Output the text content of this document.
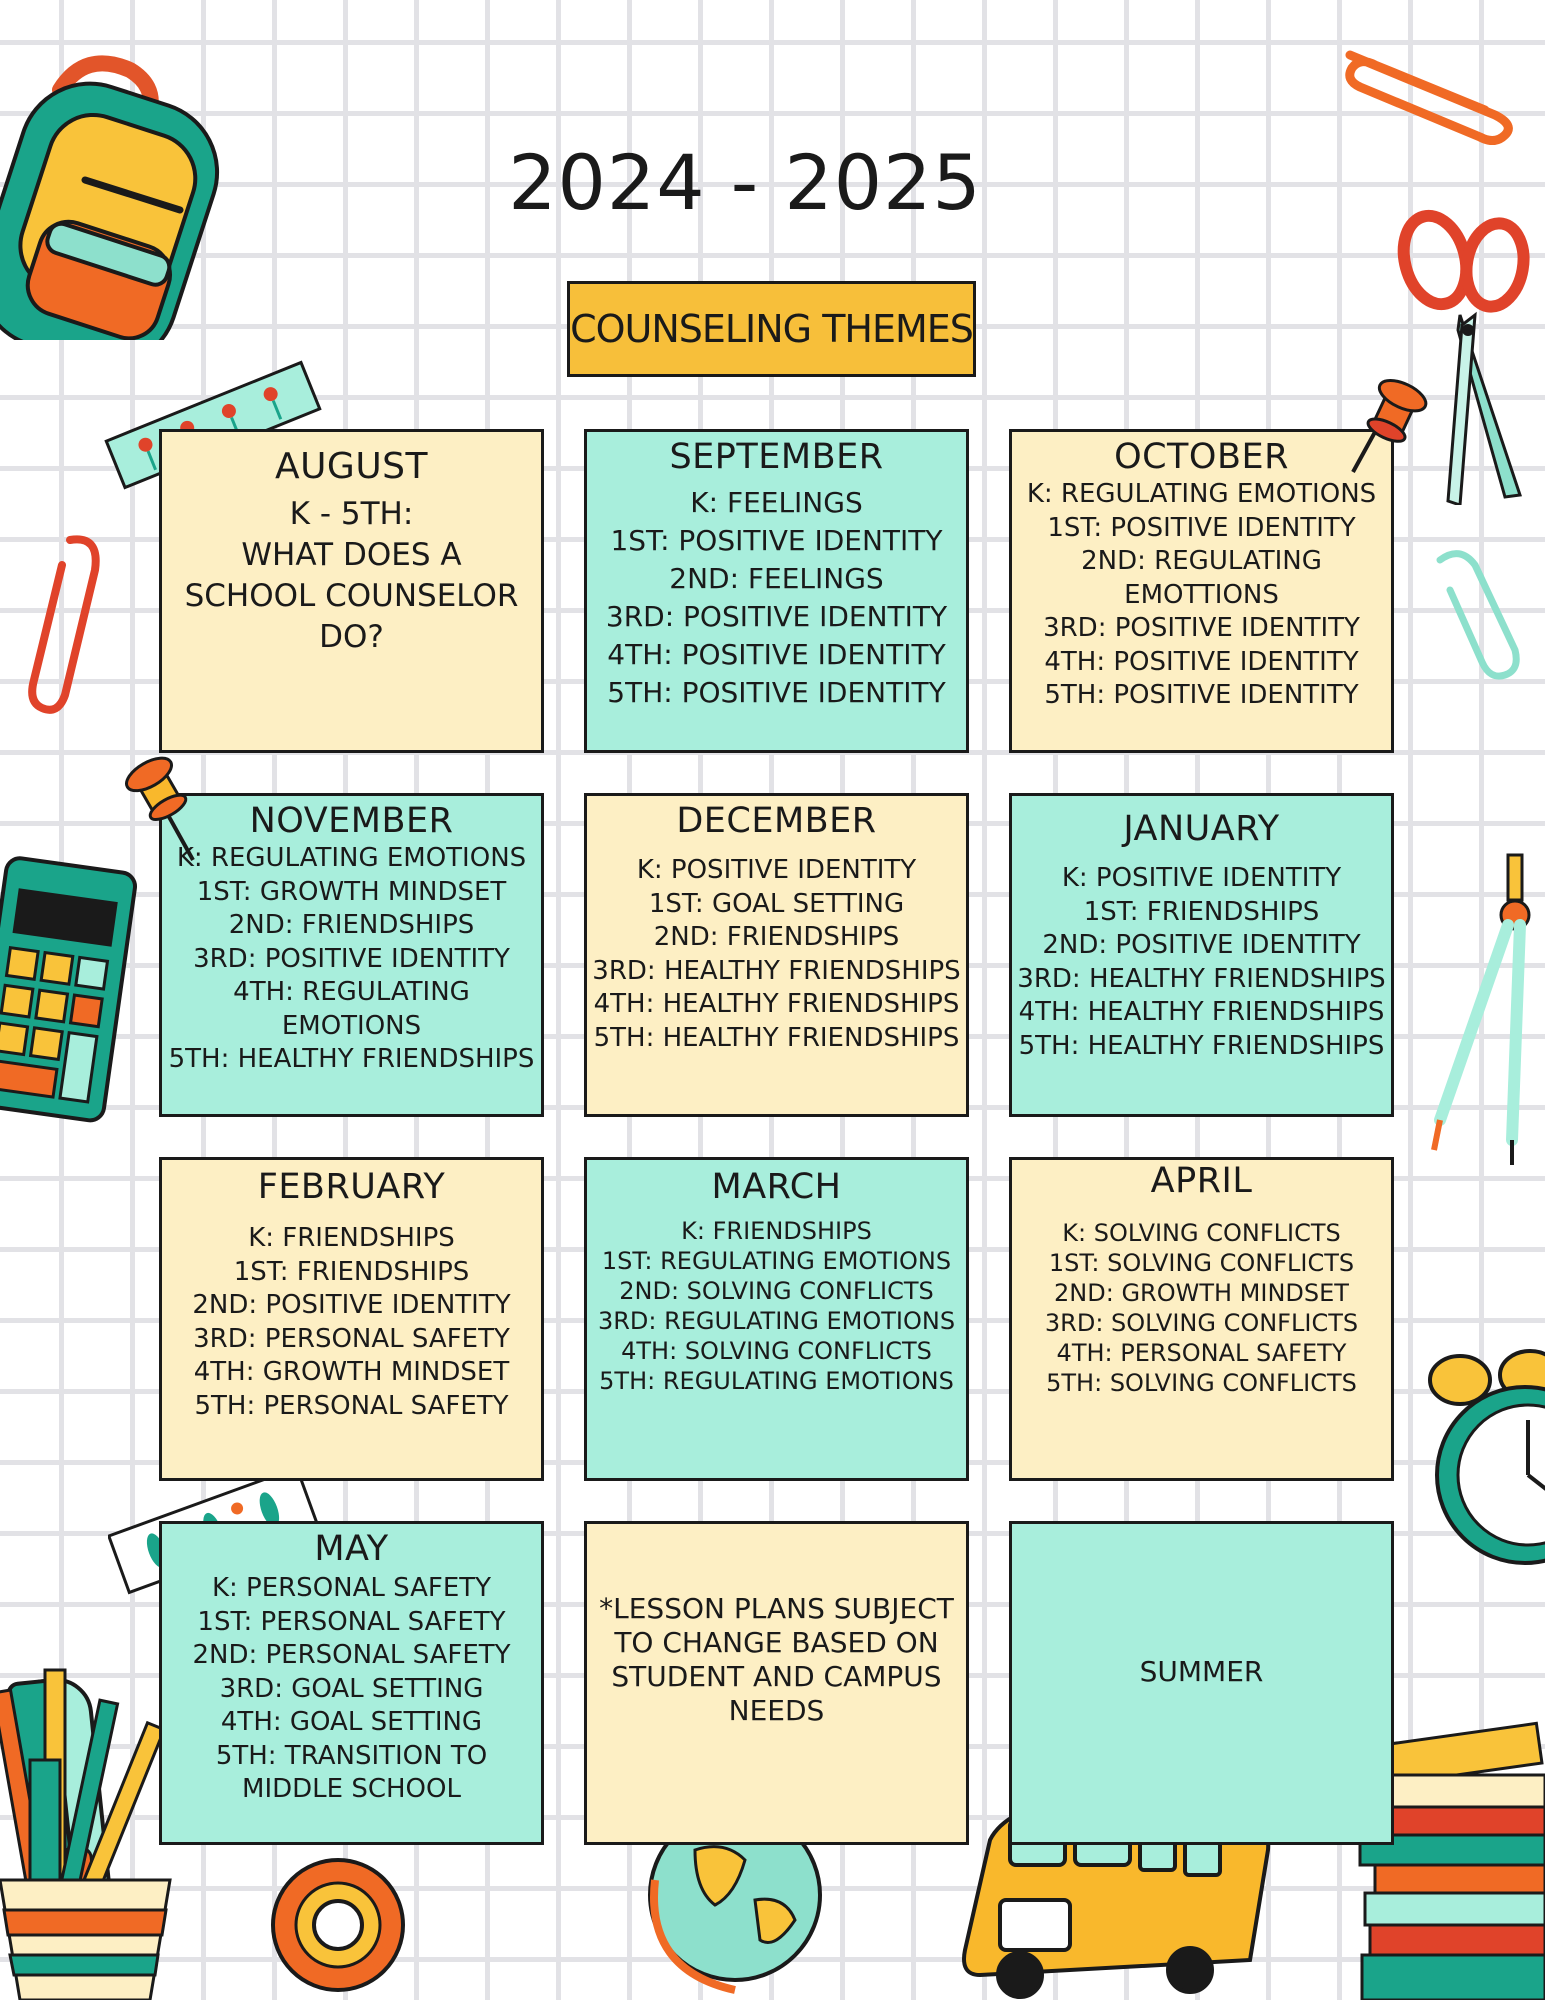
2024 - 2025
COUNSELING THEMES
AUGUST
K - 5TH:
WHAT DOES A
SCHOOL COUNSELOR
DO?
SEPTEMBER
K: FEELINGS
1ST: POSITIVE IDENTITY
2ND: FEELINGS
3RD: POSITIVE IDENTITY
4TH: POSITIVE IDENTITY
5TH: POSITIVE IDENTITY
OCTOBER
K: REGULATING EMOTIONS
1ST: POSITIVE IDENTITY
2ND: REGULATING
EMOTTIONS
3RD: POSITIVE IDENTITY
4TH: POSITIVE IDENTITY
5TH: POSITIVE IDENTITY
NOVEMBER
K: REGULATING EMOTIONS
1ST: GROWTH MINDSET
2ND: FRIENDSHIPS
3RD: POSITIVE IDENTITY
4TH: REGULATING
EMOTIONS
5TH: HEALTHY FRIENDSHIPS
DECEMBER
K: POSITIVE IDENTITY
1ST: GOAL SETTING
2ND: FRIENDSHIPS
3RD: HEALTHY FRIENDSHIPS
4TH: HEALTHY FRIENDSHIPS
5TH: HEALTHY FRIENDSHIPS
JANUARY
K: POSITIVE IDENTITY
1ST: FRIENDSHIPS
2ND: POSITIVE IDENTITY
3RD: HEALTHY FRIENDSHIPS
4TH: HEALTHY FRIENDSHIPS
5TH: HEALTHY FRIENDSHIPS
FEBRUARY
K: FRIENDSHIPS
1ST: FRIENDSHIPS
2ND: POSITIVE IDENTITY
3RD: PERSONAL SAFETY
4TH: GROWTH MINDSET
5TH: PERSONAL SAFETY
MARCH
K: FRIENDSHIPS
1ST: REGULATING EMOTIONS
2ND: SOLVING CONFLICTS
3RD: REGULATING EMOTIONS
4TH: SOLVING CONFLICTS
5TH: REGULATING EMOTIONS
APRIL
K: SOLVING CONFLICTS
1ST: SOLVING CONFLICTS
2ND: GROWTH MINDSET
3RD: SOLVING CONFLICTS
4TH: PERSONAL SAFETY
5TH: SOLVING CONFLICTS
MAY
K: PERSONAL SAFETY
1ST: PERSONAL SAFETY
2ND: PERSONAL SAFETY
3RD: GOAL SETTING
4TH: GOAL SETTING
5TH: TRANSITION TO
MIDDLE SCHOOL
*LESSON PLANS SUBJECT
TO CHANGE BASED ON
STUDENT AND CAMPUS
NEEDS
SUMMER
